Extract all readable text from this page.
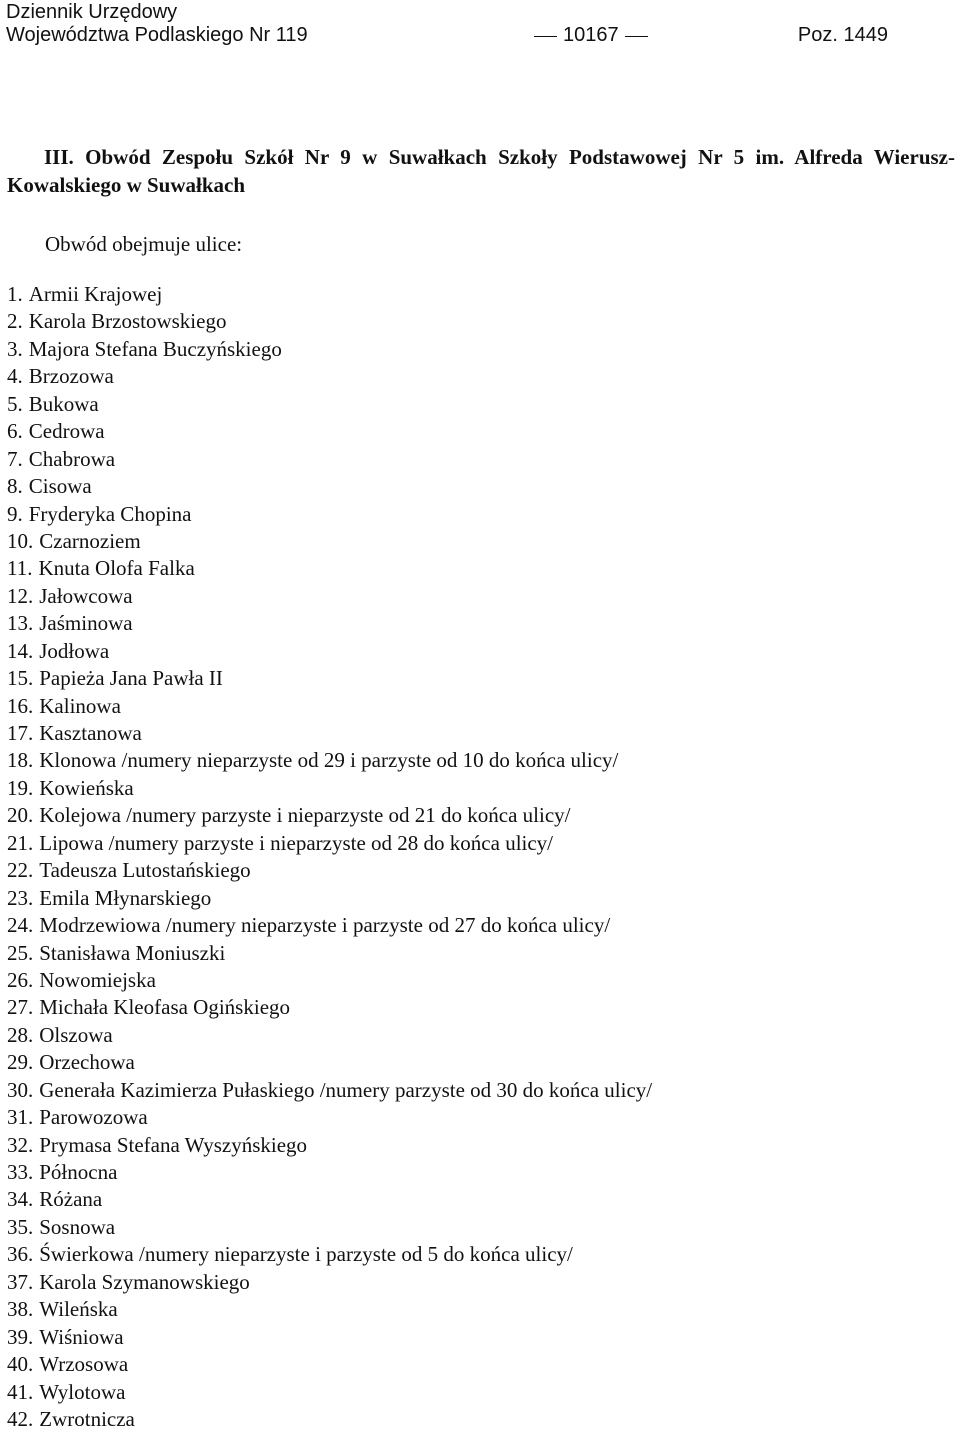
Dziennik Urzędowy
Województwa Podlaskiego Nr 119	10167	Poz. 1449
III. Obwód Zespołu Szkół Nr 9 w Suwałkach Szkoły Podstawowej Nr 5 im. Alfreda Wierusz-Kowalskiego w Suwałkach
Obwód obejmuje ulice:
1. Armii Krajowej
2. Karola Brzostowskiego
3. Majora Stefana Buczyńskiego
4. Brzozowa
5. Bukowa
6. Cedrowa
7. Chabrowa
8. Cisowa
9. Fryderyka Chopina
10. Czarnoziem
11. Knuta Olofa Falka
12. Jałowcowa
13. Jaśminowa
14. Jodłowa
15. Papieża Jana Pawła II
16. Kalinowa
17. Kasztanowa
18. Klonowa /numery nieparzyste od 29 i parzyste od 10 do końca ulicy/
19. Kowieńska
20. Kolejowa /numery parzyste i nieparzyste od 21 do końca ulicy/
21. Lipowa /numery parzyste i nieparzyste od 28 do końca ulicy/
22. Tadeusza Lutostańskiego
23. Emila Młynarskiego
24. Modrzewiowa /numery nieparzyste i parzyste od 27 do końca ulicy/
25. Stanisława Moniuszki
26. Nowomiejska
27. Michała Kleofasa Ogińskiego
28. Olszowa
29. Orzechowa
30. Generała Kazimierza Pułaskiego /numery parzyste od 30 do końca ulicy/
31. Parowozowa
32. Prymasa Stefana Wyszyńskiego
33. Północna
34. Różana
35. Sosnowa
36. Świerkowa /numery nieparzyste i parzyste od 5 do końca ulicy/
37. Karola Szymanowskiego
38. Wileńska
39. Wiśniowa
40. Wrzosowa
41. Wylotowa
42. Zwrotnicza
